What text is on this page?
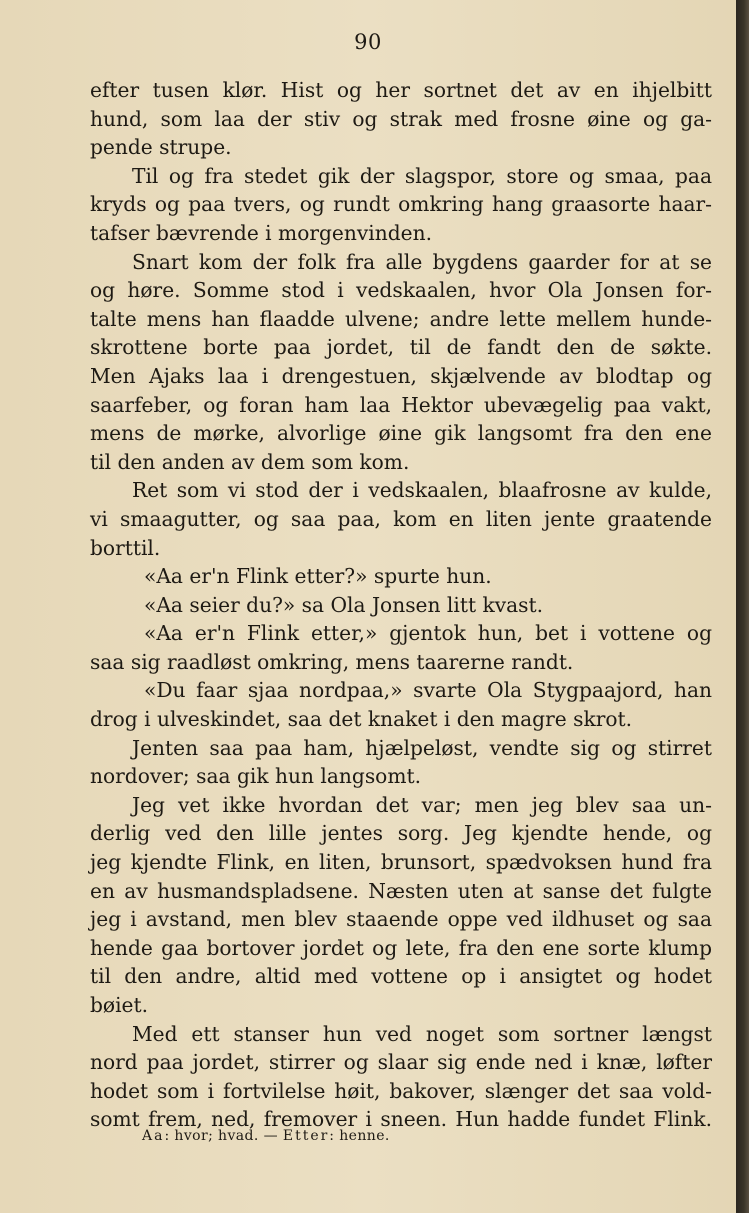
90
efter tusen klør. Hist og her sortnet det av en ihjelbitt
hund, som laa der stiv og strak med frosne øine og ga-
pende strupe.
Til og fra stedet gik der slagspor, store og smaa, paa
kryds og paa tvers, og rundt omkring hang graasorte haar-
tafser bævrende i morgenvinden.
Snart kom der folk fra alle bygdens gaarder for at se
og høre. Somme stod i vedskaalen, hvor Ola Jonsen for-
talte mens han flaadde ulvene; andre lette mellem hunde-
skrottene borte paa jordet, til de fandt den de søkte.
Men Ajaks laa i drengestuen, skjælvende av blodtap og
saarfeber, og foran ham laa Hektor ubevægelig paa vakt,
mens de mørke, alvorlige øine gik langsomt fra den ene
til den anden av dem som kom.
Ret som vi stod der i vedskaalen, blaafrosne av kulde,
vi smaagutter, og saa paa, kom en liten jente graatende
borttil.
«Aa er'n Flink etter?» spurte hun.
«Aa seier du?» sa Ola Jonsen litt kvast.
«Aa er'n Flink etter,» gjentok hun, bet i vottene og
saa sig raadløst omkring, mens taarerne randt.
«Du faar sjaa nordpaa,» svarte Ola Stygpaajord, han
drog i ulveskindet, saa det knaket i den magre skrot.
Jenten saa paa ham, hjælpeløst, vendte sig og stirret
nordover; saa gik hun langsomt.
Jeg vet ikke hvordan det var; men jeg blev saa un-
derlig ved den lille jentes sorg. Jeg kjendte hende, og
jeg kjendte Flink, en liten, brunsort, spædvoksen hund fra
en av husmandspladsene. Næsten uten at sanse det fulgte
jeg i avstand, men blev staaende oppe ved ildhuset og saa
hende gaa bortover jordet og lete, fra den ene sorte klump
til den andre, altid med vottene op i ansigtet og hodet
bøiet.
Med ett stanser hun ved noget som sortner længst
nord paa jordet, stirrer og slaar sig ende ned i knæ, løfter
hodet som i fortvilelse høit, bakover, slænger det saa vold-
somt frem, ned, fremover i sneen. Hun hadde fundet Flink.
Aa: hvor; hvad. — Etter: henne.
